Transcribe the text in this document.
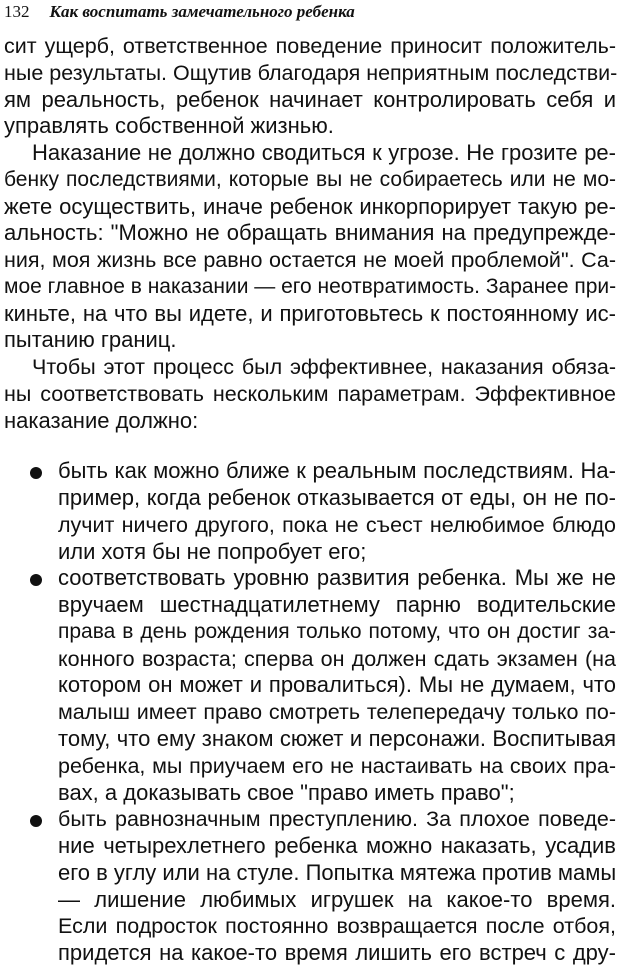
132 Как воспитать замечательного ребенка
сит ущерб, ответственное поведение приносит положитель-
ные результаты. Ощутив благодаря неприятным последстви-
ям реальность, ребенок начинает контролировать себя и
управлять собственной жизнью.
Наказание не должно сводиться к угрозе. Не грозите ре-
бенку последствиями, которые вы не собираетесь или не мо-
жете осуществить, иначе ребенок инкорпорирует такую ре-
альность: "Можно не обращать внимания на предупрежде-
ния, моя жизнь все равно остается не моей проблемой". Са-
мое главное в наказании — его неотвратимость. Заранее при-
киньте, на что вы идете, и приготовьтесь к постоянному ис-
пытанию границ.
Чтобы этот процесс был эффективнее, наказания обяза-
ны соответствовать нескольким параметрам. Эффективное
наказание должно:
быть как можно ближе к реальным последствиям. На-
пример, когда ребенок отказывается от еды, он не по-
лучит ничего другого, пока не съест нелюбимое блюдо
или хотя бы не попробует его;
соответствовать уровню развития ребенка. Мы же не
вручаем шестнадцатилетнему парню водительские
права в день рождения только потому, что он достиг за-
конного возраста; сперва он должен сдать экзамен (на
котором он может и провалиться). Мы не думаем, что
малыш имеет право смотреть телепередачу только по-
тому, что ему знаком сюжет и персонажи. Воспитывая
ребенка, мы приучаем его не настаивать на своих пра-
вах, а доказывать свое "право иметь право";
быть равнозначным преступлению. За плохое поведе-
ние четырехлетнего ребенка можно наказать, усадив
его в углу или на стуле. Попытка мятежа против мамы
— лишение любимых игрушек на какое-то время.
Если подросток постоянно возвращается после отбоя,
придется на какое-то время лишить его встреч с дру-
